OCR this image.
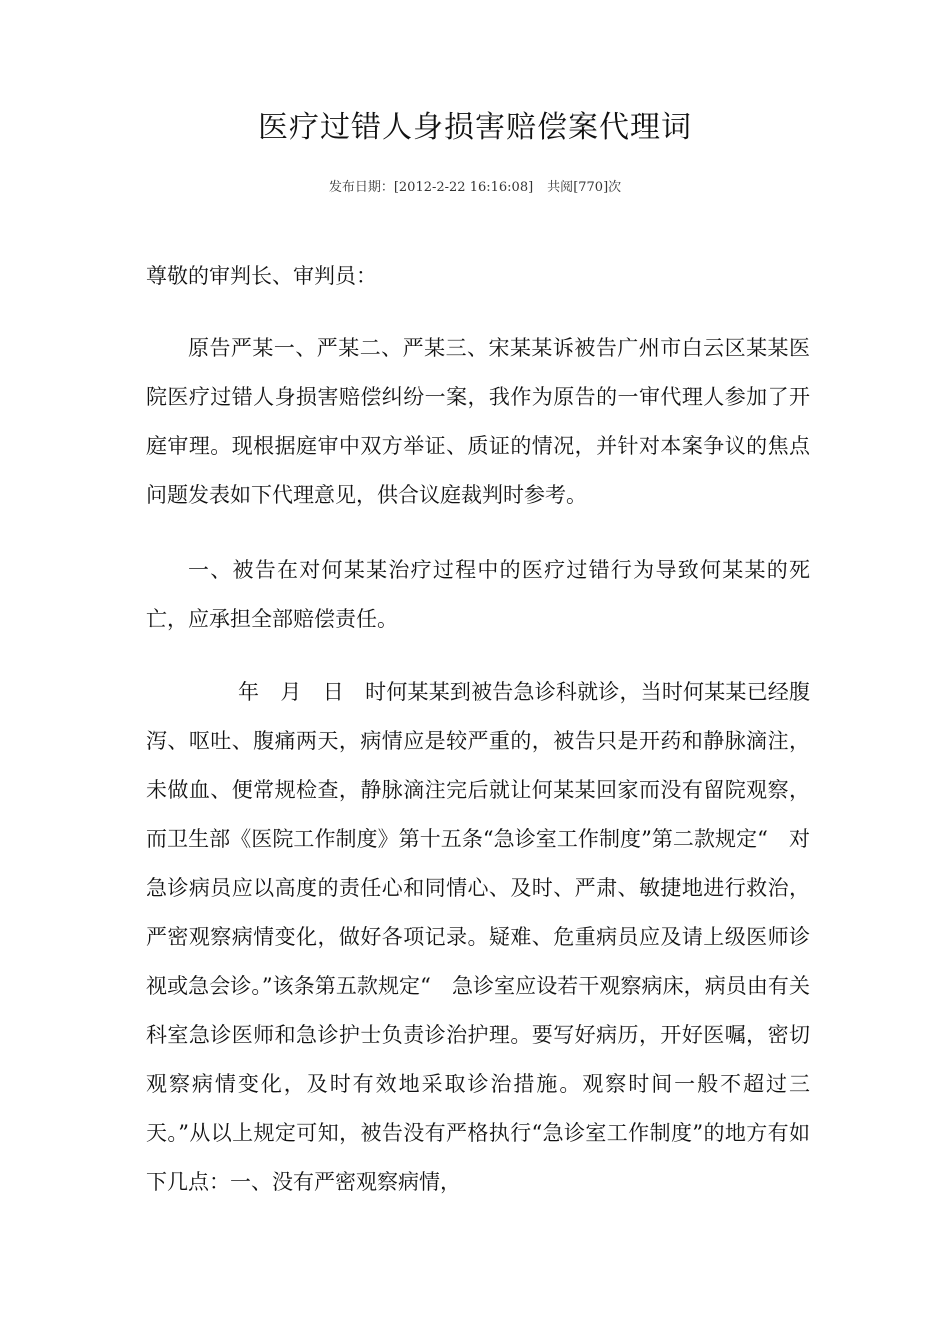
医疗过错人身损害赔偿案代理词
发布日期：[2012-2-22 16:16:08] 共阅[770]次

尊敬的审判长、审判员：

原告严某一、严某二、严某三、宋某某诉被告广州市白云区某某医院医疗过错人身损害赔偿纠纷一案，我作为原告的一审代理人参加了开庭审理。现根据庭审中双方举证、质证的情况，并针对本案争议的焦点问题发表如下代理意见，供合议庭裁判时参考。

一、被告在对何某某治疗过程中的医疗过错行为导致何某某的死亡，应承担全部赔偿责任。

年　月　日　时何某某到被告急诊科就诊，当时何某某已经腹泻、呕吐、腹痛两天，病情应是较严重的，被告只是开药和静脉滴注，未做血、便常规检查，静脉滴注完后就让何某某回家而没有留院观察，而卫生部《医院工作制度》第十五条“急诊室工作制度”第二款规定“　对急诊病员应以高度的责任心和同情心、及时、严肃、敏捷地进行救治，严密观察病情变化，做好各项记录。疑难、危重病员应及请上级医师诊视或急会诊。”该条第五款规定“　急诊室应设若干观察病床，病员由有关科室急诊医师和急诊护士负责诊治护理。要写好病历，开好医嘱，密切观察病情变化，及时有效地采取诊治措施。观察时间一般不超过三天。”从以上规定可知，被告没有严格执行“急诊室工作制度”的地方有如下几点：一、没有严密观察病情，
